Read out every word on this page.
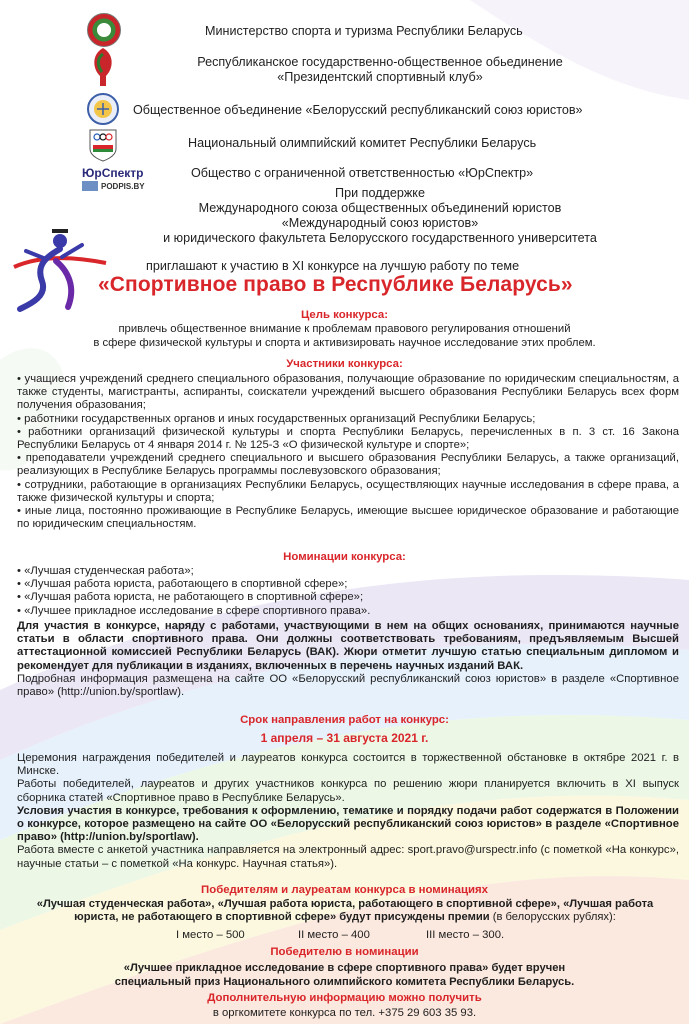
ЮрСпектр
PODPIS.BY
Министерство спорта и туризма Республики Беларусь
Республиканское государственно-общественное обьединение
«Президентский спортивный клуб»
Общественное объединение «Белорусский республиканский союз юристов»
Национальный олимпийский комитет Республики Беларусь
Общество с ограниченной ответственностью «ЮрСпектр»
При поддержке
Международного союза общественных объединений юристов
«Международный союз юристов»
и юридического факультета Белорусского государственного университета
приглашают к участию в XI конкурсе на лучшую работу по теме
«Спортивное право в Республике Беларусь»
Цель конкурса:
привлечь общественное внимание к проблемам правового регулирования отношений
в сфере физической культуры и спорта и активизировать научное исследование этих проблем.
Участники конкурса:

• учащиеся учреждений среднего специального образования, получающие образование по юридическим специальностям, а также студенты, магистранты, аспиранты, соискатели учреждений высшего образования Республики Беларусь всех форм получения образования;

• работники государственных органов и иных государственных организаций Республики Беларусь;

• работники организаций физической культуры и спорта Республики Беларусь, перечисленных в п. 3 ст. 16 Закона Республики Беларусь от 4 января 2014 г. № 125-З «О физической культуре и спорте»;

• преподаватели учреждений среднего специального и высшего образования Республики Беларусь, а также организаций, реализующих в Республике Беларусь программы послевузовского образования;

• сотрудники, работающие в организациях Республики Беларусь, осуществляющих научные исследования в сфере права, а также физической культуры и спорта;

• иные лица, постоянно проживающие в Республике Беларусь, имеющие высшее юридическое образование и работающие по юридическим специальностям.

Номинации конкурса:
• «Лучшая студенческая работа»;
• «Лучшая работа юриста, работающего в спортивной сфере»;
• «Лучшая работа юриста, не работающего в спортивной сфере»;
• «Лучшее прикладное исследование в сфере спортивного права».

Для участия в конкурсе, наряду с работами, участвующими в нем на общих основаниях, принимаются научные статьи в области спортивного права. Они должны соответствовать требованиям, предъявляемым Высшей аттестационной комиссией Республики Беларусь (ВАК). Жюри отметит лучшую статью специальным дипломом и рекомендует для публикации в изданиях, включенных в перечень научных изданий ВАК.

Подробная информация размещена на сайте ОО «Белорусский республиканский союз юристов» в разделе «Спортивное право» (http://union.by/sportlaw).

Срок направления работ на конкурс:
1 апреля – 31 августа 2021 г.

Церемония награждения победителей и лауреатов конкурса состоится в торжественной обстановке в октябре 2021 г. в Минске.

Работы победителей, лауреатов и других участников конкурса по решению жюри планируется включить в XI выпуск сборника статей «Спортивное право в Республике Беларусь».

Условия участия в конкурсе, требования к оформлению, тематике и порядку подачи работ содержатся в Положении о конкурсе, которое размещено на сайте ОО «Белорусский республиканский союз юристов» в разделе «Спортивное право» (http://union.by/sportlaw).

Работа вместе с анкетой участника направляется на электронный адрес: sport.pravo@urspectr.info (с пометкой «На конкурс», научные статьи – с пометкой «На конкурс. Научная статья»).

Победителям и лауреатам конкурса в номинациях
«Лучшая студенческая работа», «Лучшая работа юриста, работающего в спортивной сфере», «Лучшая работа
юриста, не работающего в спортивной сфере» будут присуждены премии (в белорусских рублях):
I место – 500	II место – 400	III место – 300.
Победителю в номинации
«Лучшее прикладное исследование в сфере спортивного права» будет вручен
специальный приз Национального олимпийского комитета Республики Беларусь.
Дополнительную информацию можно получить
в оргкомитете конкурса по тел. +375 29 603 35 93.
